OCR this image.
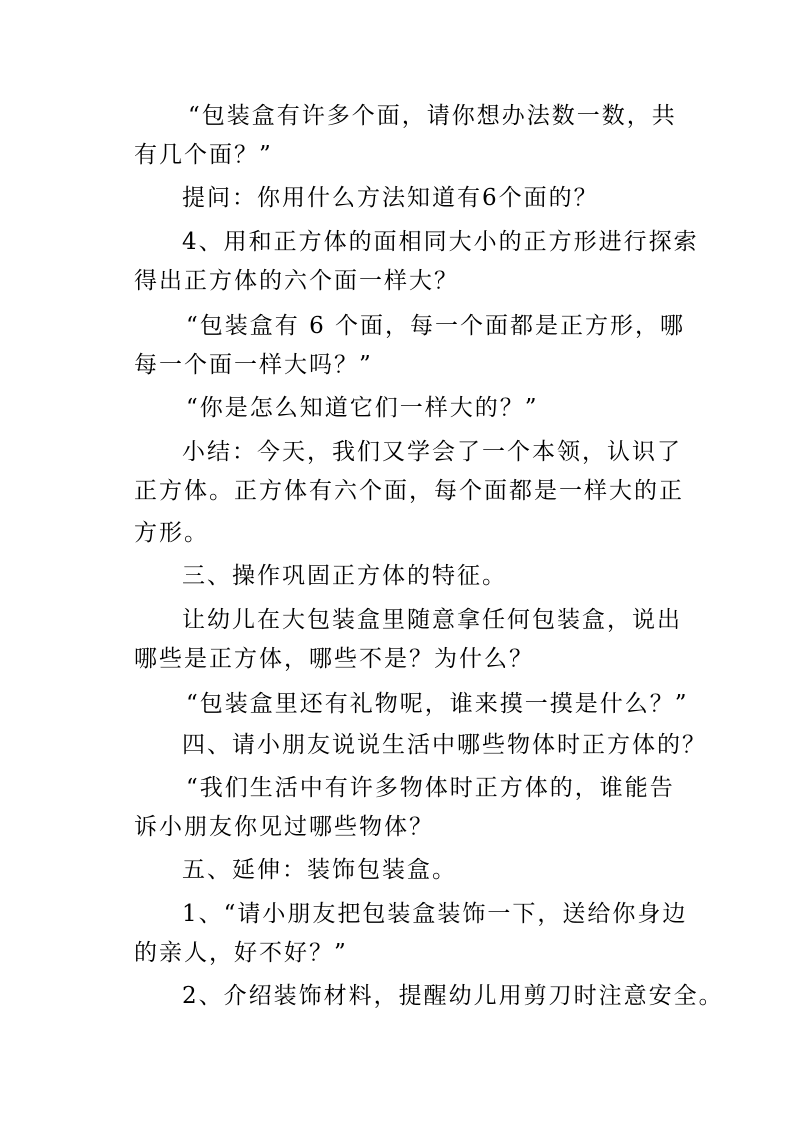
“包装盒有许多个面，请你想办法数一数，共
有几个面？”
提问：你用什么方法知道有6个面的？
4、用和正方体的面相同大小的正方形进行探索
得出正方体的六个面一样大？
“包装盒有 6 个面，每一个面都是正方形，哪
每一个面一样大吗？”
“你是怎么知道它们一样大的？”
小结：今天，我们又学会了一个本领，认识了
正方体。正方体有六个面，每个面都是一样大的正
方形。
三、操作巩固正方体的特征。
让幼儿在大包装盒里随意拿任何包装盒，说出
哪些是正方体，哪些不是？为什么？
“包装盒里还有礼物呢，谁来摸一摸是什么？”
四、请小朋友说说生活中哪些物体时正方体的？
“我们生活中有许多物体时正方体的，谁能告
诉小朋友你见过哪些物体？
五、延伸：装饰包装盒。
1、“请小朋友把包装盒装饰一下，送给你身边
的亲人，好不好？”
2、介绍装饰材料，提醒幼儿用剪刀时注意安全。
